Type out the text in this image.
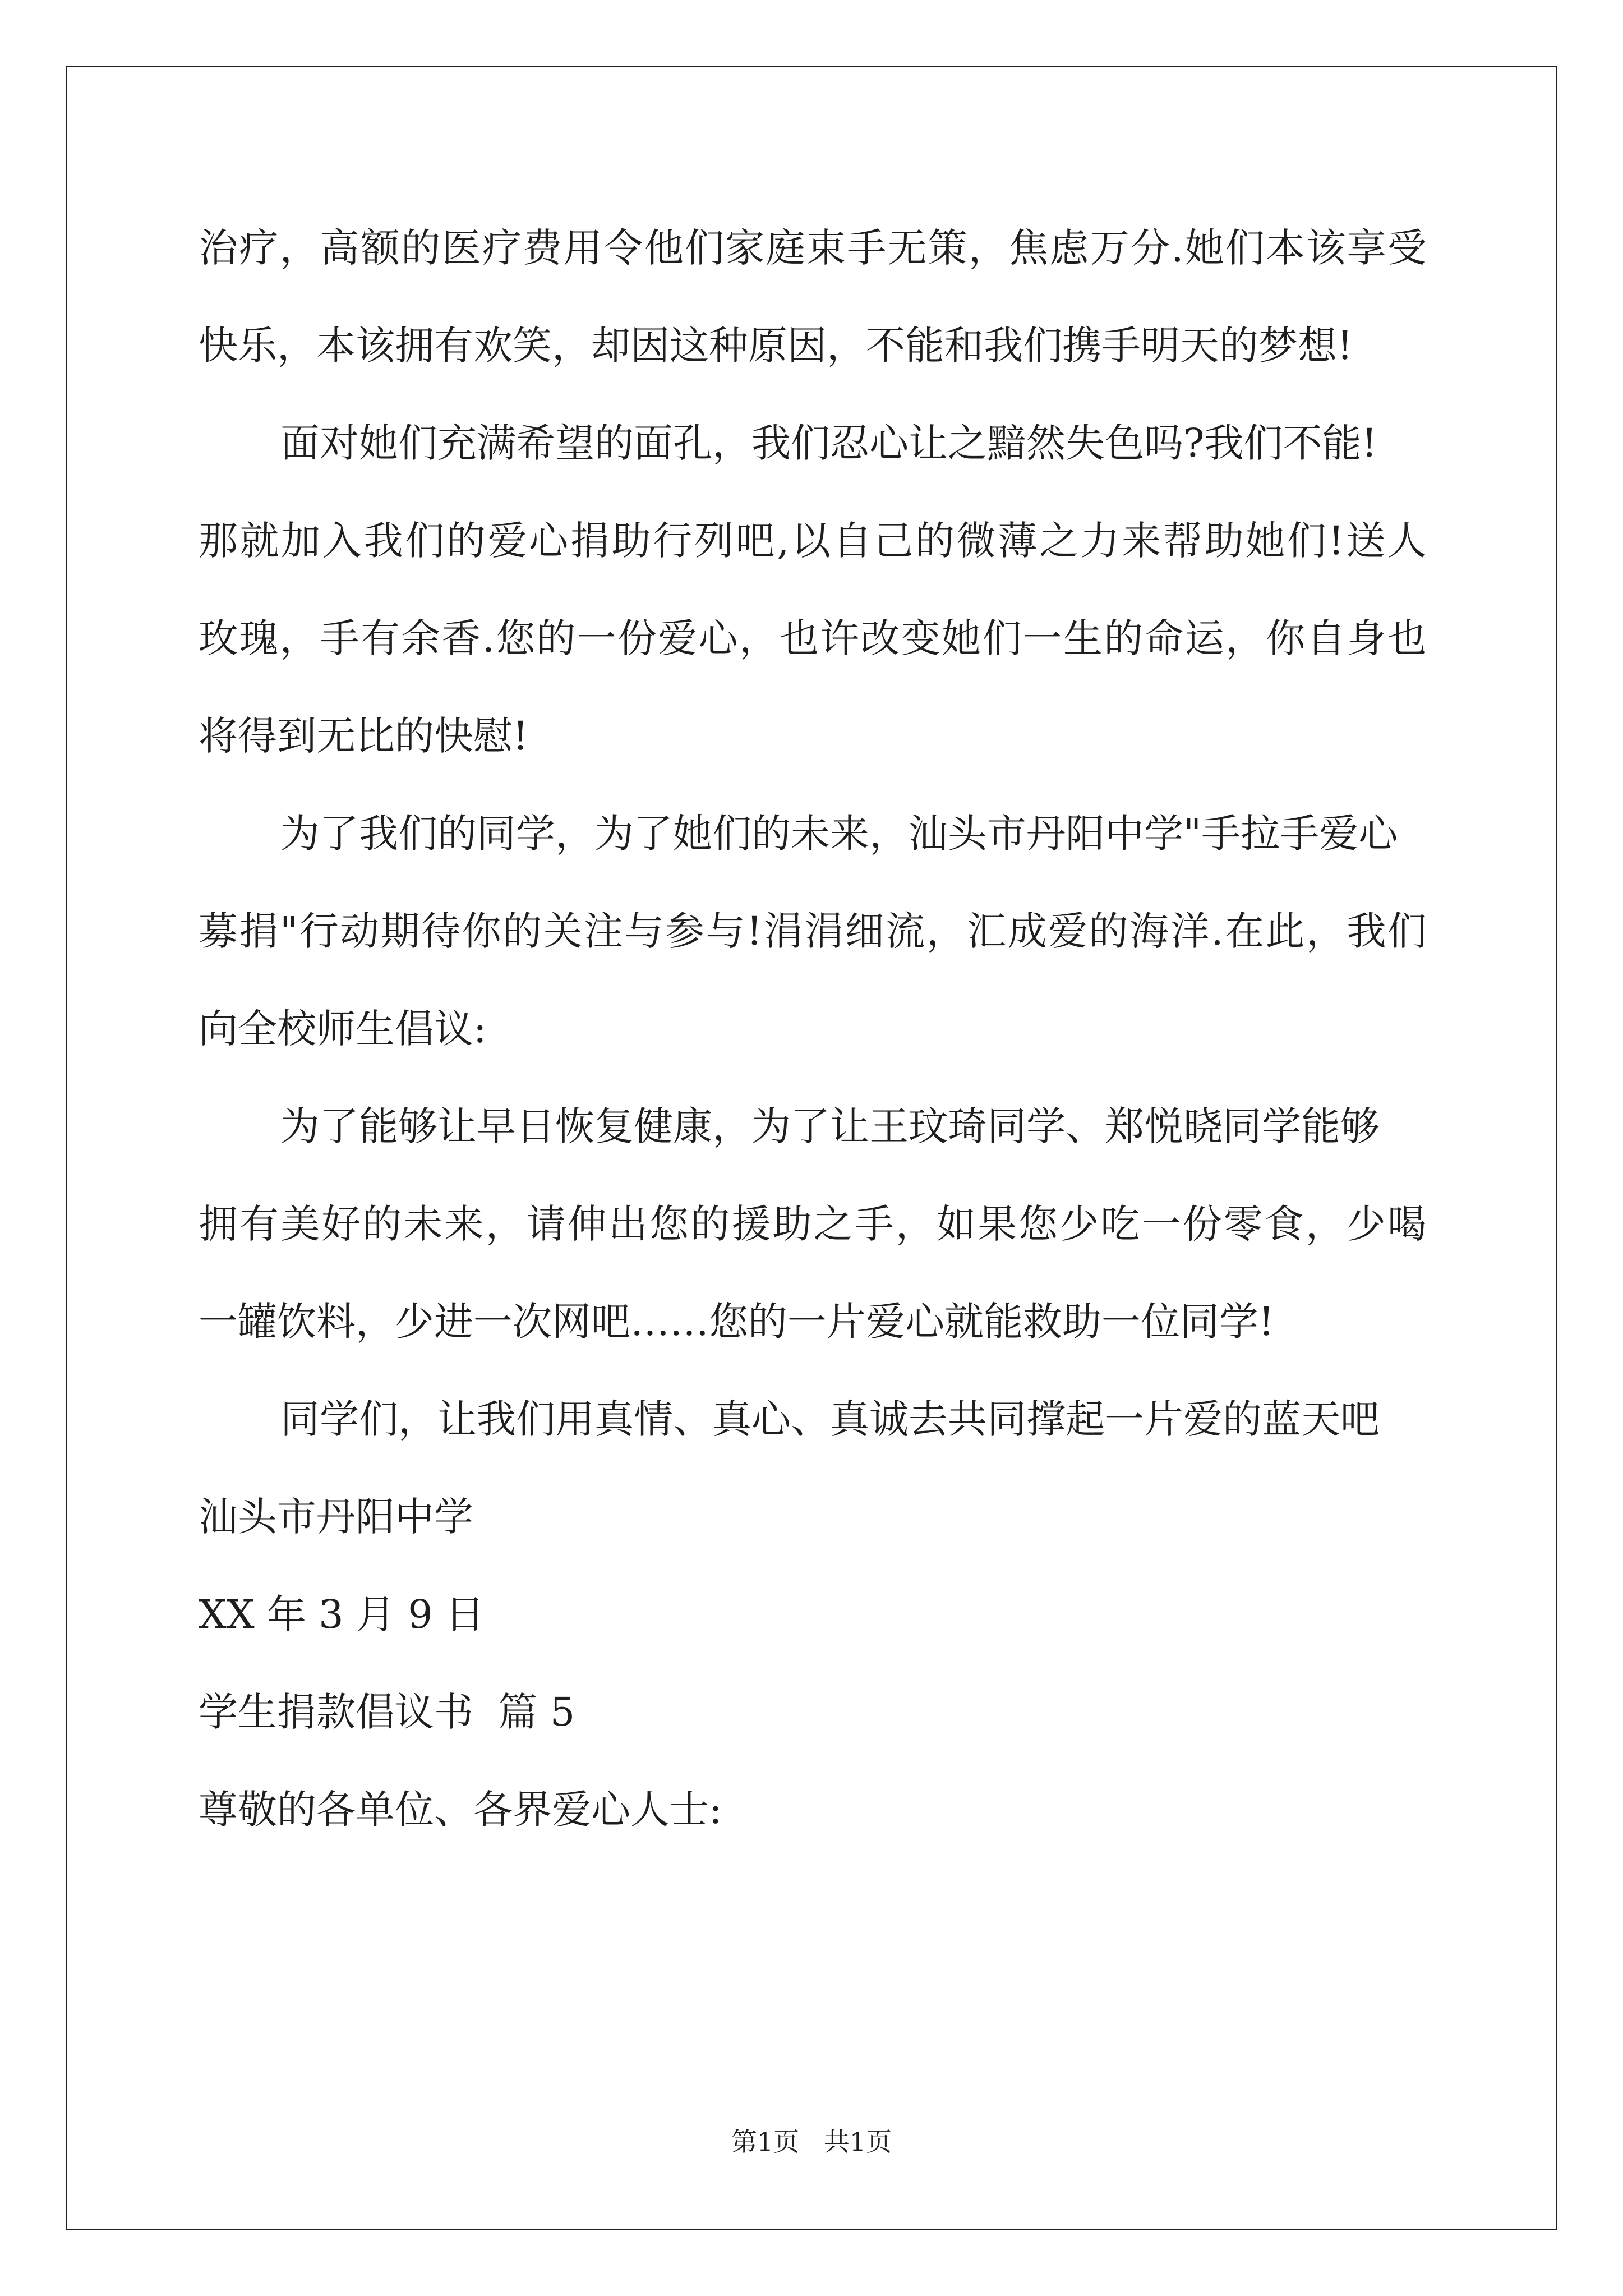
治疗，高额的医疗费用令他们家庭束手无策，焦虑万分.她们本该享受
快乐，本该拥有欢笑，却因这种原因，不能和我们携手明天的梦想!
面对她们充满希望的面孔，我们忍心让之黯然失色吗?我们不能!
那就加入我们的爱心捐助行列吧,以自己的微薄之力来帮助她们!送人
玫瑰，手有余香.您的一份爱心，也许改变她们一生的命运，你自身也
将得到无比的快慰!
为了我们的同学，为了她们的未来，汕头市丹阳中学"手拉手爱心
募捐"行动期待你的关注与参与!涓涓细流，汇成爱的海洋.在此，我们
向全校师生倡议:
为了能够让早日恢复健康，为了让王玟琦同学、郑悦晓同学能够
拥有美好的未来，请伸出您的援助之手，如果您少吃一份零食，少喝
一罐饮料，少进一次网吧……您的一片爱心就能救助一位同学!
同学们，让我们用真情、真心、真诚去共同撑起一片爱的蓝天吧
汕头市丹阳中学
XX 年 3 月 9 日
学生捐款倡议书  篇 5
尊敬的各单位、各界爱心人士:
第1页   共1页
